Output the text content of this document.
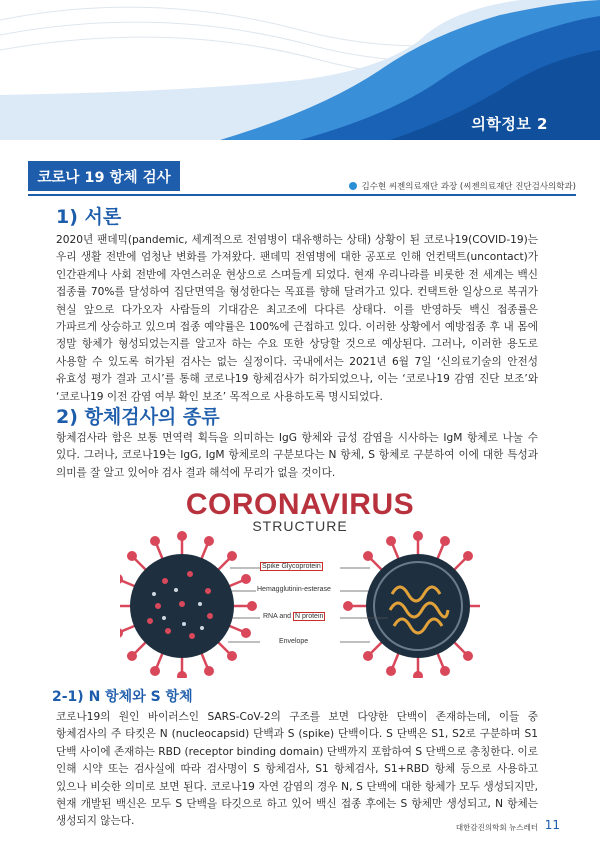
의학정보 2
코로나 19 항체 검사
김수현 씨젠의료재단 과장 (씨젠의료재단 진단검사의학과)
1) 서론

2020년 팬데믹(pandemic, 세계적으로 전염병이 대유행하는 상태) 상황이 된 코로나19(COVID-19)는 우리 생활 전반에 엄청난 변화를 가져왔다. 팬데믹 전염병에 대한 공포로 인해 언컨택트(uncontact)가 인간관계나 사회 전반에 자연스러운 현상으로 스며들게 되었다. 현재 우리나라를 비롯한 전 세계는 백신 접종률 70%를 달성하여 집단면역을 형성한다는 목표를 향해 달려가고 있다. 컨택트한 일상으로 복귀가 현실 앞으로 다가오자 사람들의 기대감은 최고조에 다다른 상태다. 이를 반영하듯 백신 접종률은 가파르게 상승하고 있으며 접종 예약률은 100%에 근접하고 있다. 이러한 상황에서 예방접종 후 내 몸에 정말 항체가 형성되었는지를 알고자 하는 수요 또한 상당할 것으로 예상된다. 그러나, 이러한 용도로 사용할 수 있도록 허가된 검사는 없는 실정이다. 국내에서는 2021년 6월 7일 ‘신의료기술의 안전성 유효성 평가 결과 고시’를 통해 코로나19 항체검사가 허가되었으나, 이는 ‘코로나19 감염 진단 보조’와 ‘코로나19 이전 감염 여부 확인 보조’ 목적으로 사용하도록 명시되었다.

2) 항체검사의 종류

항체검사라 함은 보통 면역력 획득을 의미하는 IgG 항체와 급성 감염을 시사하는 IgM 항체로 나눌 수 있다. 그러나, 코로나19는 IgG, IgM 항체로의 구분보다는 N 항체, S 항체로 구분하여 이에 대한 특성과 의미를 잘 알고 있어야 검사 결과 해석에 무리가 없을 것이다.

CORONAVIRUS
STRUCTURE
Spike Glycoprotein
Hemagglutinin-esterase
RNA and N protein
Envelope
2-1) N 항체와 S 항체

코로나19의 원인 바이러스인 SARS-CoV-2의 구조를 보면 다양한 단백이 존재하는데, 이들 중 항체검사의 주 타킷은 N (nucleocapsid) 단백과 S (spike) 단백이다. S 단백은 S1, S2로 구분하며 S1 단백 사이에 존재하는 RBD (receptor binding domain) 단백까지 포함하여 S 단백으로 총칭한다. 이로 인해 시약 또는 검사실에 따라 검사명이 S 항체검사, S1 항체검사, S1+RBD 항체 등으로 사용하고 있으나 비슷한 의미로 보면 된다. 코로나19 자연 감염의 경우 N, S 단백에 대한 항체가 모두 생성되지만, 현재 개발된 백신은 모두 S 단백을 타깃으로 하고 있어 백신 접종 후에는 S 항체만 생성되고, N 항체는 생성되지 않는다.

대한감진의학회 뉴스레터 11
